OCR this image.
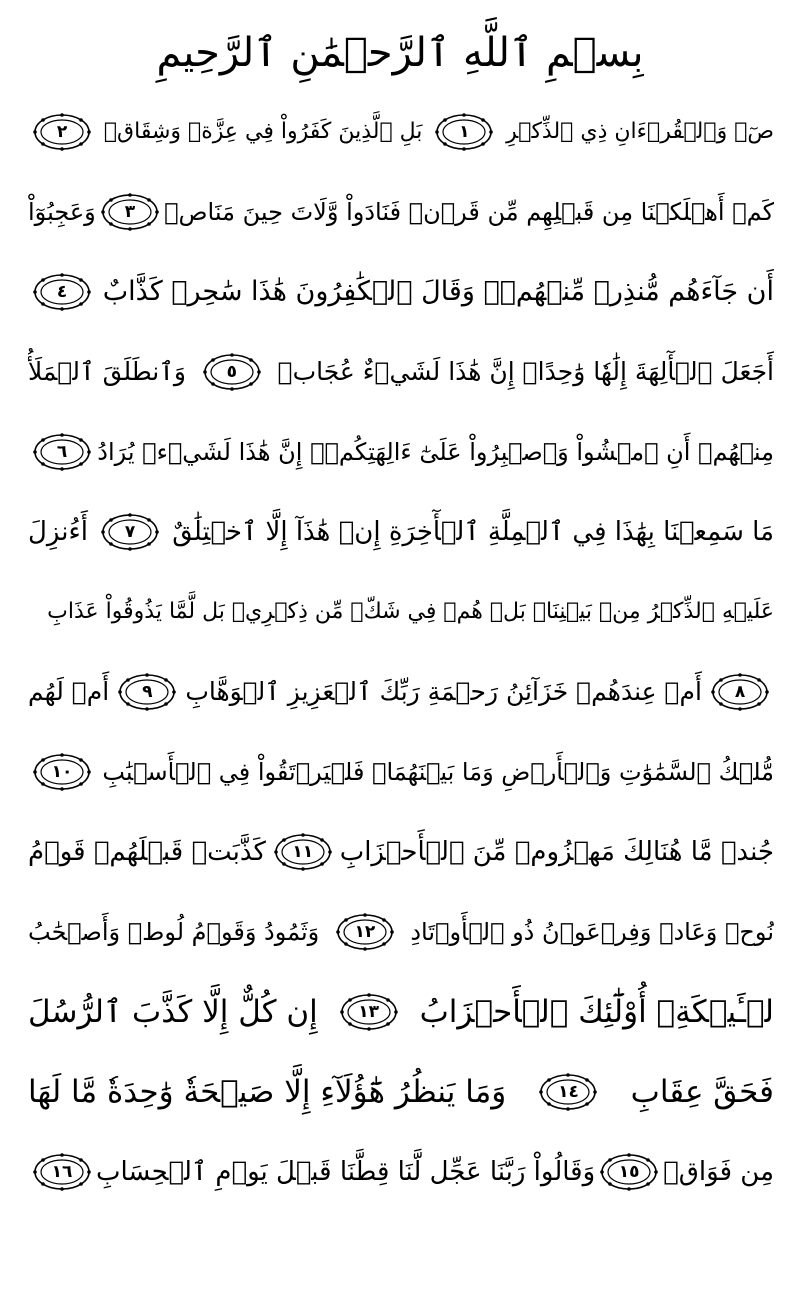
بِسۡمِ ٱللَّهِ ٱلرَّحۡمَٰنِ ٱلرَّحِيمِ
صٓۚ وَٱلۡقُرۡءَانِ ذِي ٱلذِّكۡرِ
١
بَلِ ٱلَّذِينَ كَفَرُواْ فِي عِزَّةٖ وَشِقَاقٖ
٢
كَمۡ أَهۡلَكۡنَا مِن قَبۡلِهِم مِّن قَرۡنٖ فَنَادَواْ وَّلَاتَ حِينَ مَنَاصٖ
٣
وَعَجِبُوٓاْ
أَن جَآءَهُم مُّنذِرٞ مِّنۡهُمۡۖ وَقَالَ ٱلۡكَٰفِرُونَ هَٰذَا سَٰحِرٞ كَذَّابٌ
٤
أَجَعَلَ ٱلۡأٓلِهَةَ إِلَٰهٗا وَٰحِدًاۖ إِنَّ هَٰذَا لَشَيۡءٌ عُجَابٞ
٥
وَٱنطَلَقَ ٱلۡمَلَأُ
مِنۡهُمۡ أَنِ ٱمۡشُواْ وَٱصۡبِرُواْ عَلَىٰٓ ءَالِهَتِكُمۡۖ إِنَّ هَٰذَا لَشَيۡءٞ يُرَادُ
٦
مَا سَمِعۡنَا بِهَٰذَا فِي ٱلۡمِلَّةِ ٱلۡأٓخِرَةِ إِنۡ هَٰذَآ إِلَّا ٱخۡتِلَٰقٌ
٧
أَءُنزِلَ
عَلَيۡهِ ٱلذِّكۡرُ مِنۢ بَيۡنِنَاۚ بَلۡ هُمۡ فِي شَكّٖ مِّن ذِكۡرِيۚ بَل لَّمَّا يَذُوقُواْ عَذَابِ
٨
أَمۡ عِندَهُمۡ خَزَآئِنُ رَحۡمَةِ رَبِّكَ ٱلۡعَزِيزِ ٱلۡوَهَّابِ
٩
أَمۡ لَهُم
مُّلۡكُ ٱلسَّمَٰوَٰتِ وَٱلۡأَرۡضِ وَمَا بَيۡنَهُمَاۖ فَلۡيَرۡتَقُواْ فِي ٱلۡأَسۡبَٰبِ
١٠
جُندٞ مَّا هُنَالِكَ مَهۡزُومٞ مِّنَ ٱلۡأَحۡزَابِ
١١
كَذَّبَتۡ قَبۡلَهُمۡ قَوۡمُ
نُوحٖ وَعَادٞ وَفِرۡعَوۡنُ ذُو ٱلۡأَوۡتَادِ
١٢
وَثَمُودُ وَقَوۡمُ لُوطٖ وَأَصۡحَٰبُ
لۡـَٔيۡكَةِۚ أُوْلَٰٓئِكَ ٱلۡأَحۡزَابُ
١٣
إِن كُلٌّ إِلَّا كَذَّبَ ٱلرُّسُلَ
فَحَقَّ عِقَابِ
١٤
وَمَا يَنظُرُ هَٰٓؤُلَآءِ إِلَّا صَيۡحَةٗ وَٰحِدَةٗ مَّا لَهَا
مِن فَوَاقٖ
١٥
وَقَالُواْ رَبَّنَا عَجِّل لَّنَا قِطَّنَا قَبۡلَ يَوۡمِ ٱلۡحِسَابِ
١٦
